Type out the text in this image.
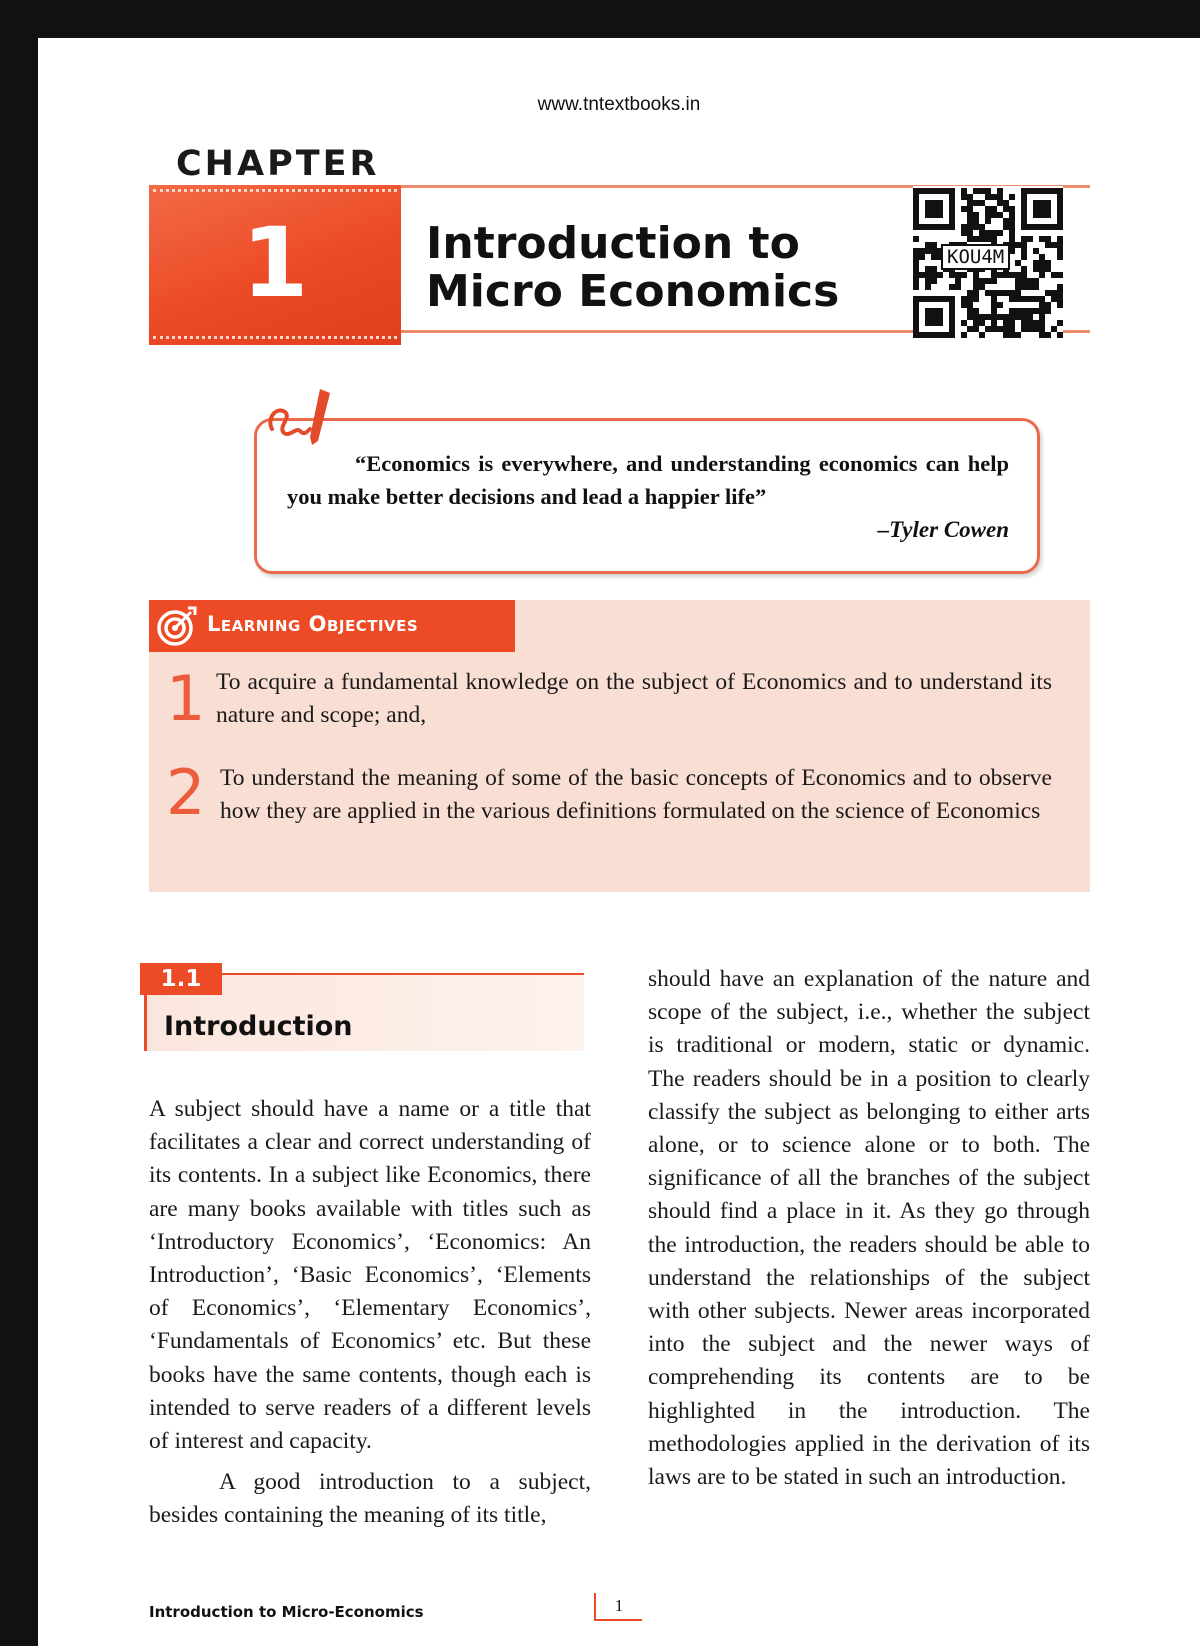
www.tntextbooks.in
CHAPTER
1	Introduction to
Micro Economics
KOU4M
“Economics is everywhere, and understanding economics can help you make better decisions and lead a happier life”
–Tyler Cowen
Learning Objectives
1 To acquire a fundamental knowledge on the subject of Economics and to understand its nature and scope; and,
2 To understand the meaning of some of the basic concepts of Economics and to observe how they are applied in the various definitions formulated on the science of Economics
1.1
Introduction

A subject should have a name or a title that facilitates a clear and correct understanding of its contents. In a subject like Economics, there are many books available with titles such as ‘Introductory Economics’, ‘Economics: An Introduction’, ‘Basic Economics’, ‘Elements of Economics’, ‘Elementary Economics’, ‘Fundamentals of Economics’ etc. But these books have the same contents, though each is intended to serve readers of a different levels of interest and capacity.

A good introduction to a subject, besides containing the meaning of its title,

should have an explanation of the nature and scope of the subject, i.e., whether the subject is traditional or modern, static or dynamic. The readers should be in a position to clearly classify the subject as belonging to either arts alone, or to science alone or to both. The significance of all the branches of the subject should find a place in it. As they go through the introduction, the readers should be able to understand the relationships of the subject with other subjects. Newer areas incorporated into the subject and the newer ways of comprehending its contents are to be highlighted in the introduction. The methodologies applied in the derivation of its laws are to be stated in such an introduction.

Introduction to Micro-Economics	1
